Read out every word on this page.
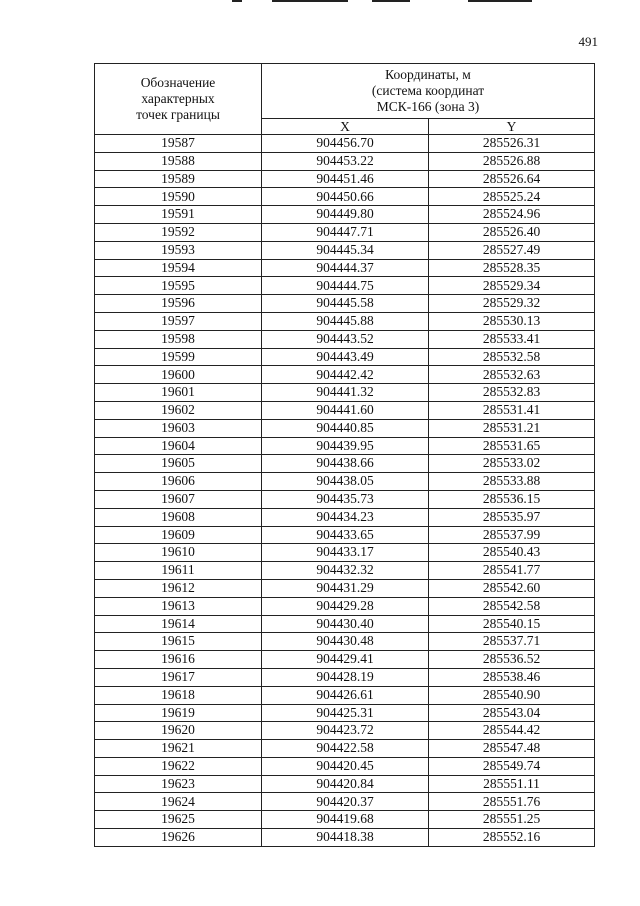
491
Обозначение
характерных
точек границы	Координаты, м
(система координат
МСК-166 (зона 3)	

	X	Y
19587	904456.70	285526.31
19588	904453.22	285526.88
19589	904451.46	285526.64
19590	904450.66	285525.24
19591	904449.80	285524.96
19592	904447.71	285526.40
19593	904445.34	285527.49
19594	904444.37	285528.35
19595	904444.75	285529.34
19596	904445.58	285529.32
19597	904445.88	285530.13
19598	904443.52	285533.41
19599	904443.49	285532.58
19600	904442.42	285532.63
19601	904441.32	285532.83
19602	904441.60	285531.41
19603	904440.85	285531.21
19604	904439.95	285531.65
19605	904438.66	285533.02
19606	904438.05	285533.88
19607	904435.73	285536.15
19608	904434.23	285535.97
19609	904433.65	285537.99
19610	904433.17	285540.43
19611	904432.32	285541.77
19612	904431.29	285542.60
19613	904429.28	285542.58
19614	904430.40	285540.15
19615	904430.48	285537.71
19616	904429.41	285536.52
19617	904428.19	285538.46
19618	904426.61	285540.90
19619	904425.31	285543.04
19620	904423.72	285544.42
19621	904422.58	285547.48
19622	904420.45	285549.74
19623	904420.84	285551.11
19624	904420.37	285551.76
19625	904419.68	285551.25
19626	904418.38	285552.16
